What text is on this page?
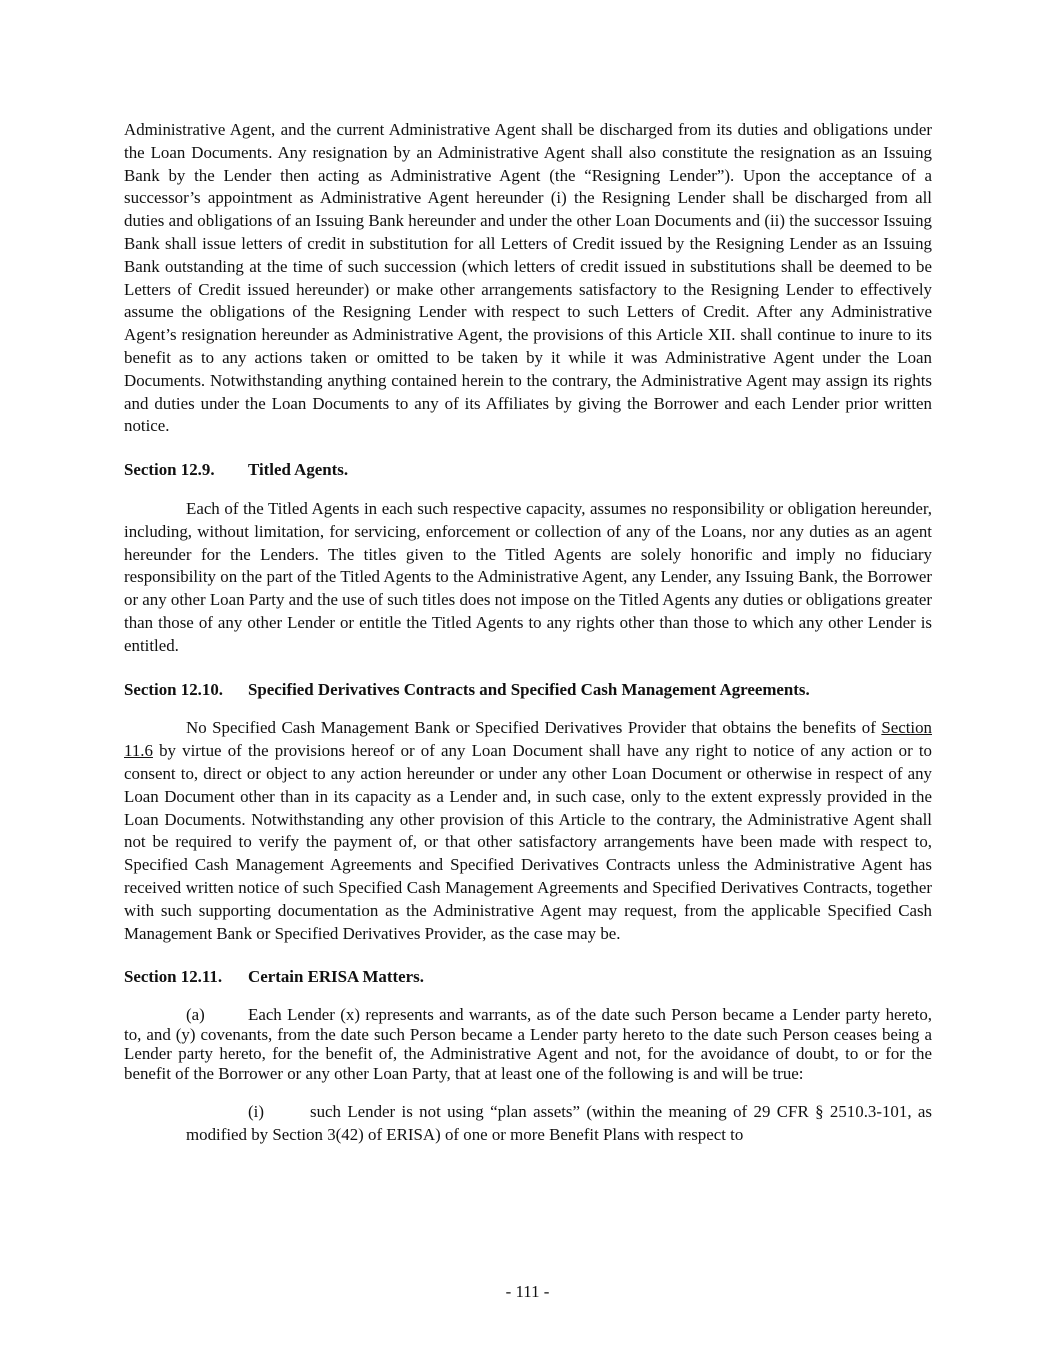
Administrative Agent, and the current Administrative Agent shall be discharged from its duties and obligations under the Loan Documents. Any resignation by an Administrative Agent shall also constitute the resignation as an Issuing Bank by the Lender then acting as Administrative Agent (the “Resigning Lender”). Upon the acceptance of a successor’s appointment as Administrative Agent hereunder (i) the Resigning Lender shall be discharged from all duties and obligations of an Issuing Bank hereunder and under the other Loan Documents and (ii) the successor Issuing Bank shall issue letters of credit in substitution for all Letters of Credit issued by the Resigning Lender as an Issuing Bank outstanding at the time of such succession (which letters of credit issued in substitutions shall be deemed to be Letters of Credit issued hereunder) or make other arrangements satisfactory to the Resigning Lender to effectively assume the obligations of the Resigning Lender with respect to such Letters of Credit. After any Administrative Agent’s resignation hereunder as Administrative Agent, the provisions of this Article XII. shall continue to inure to its benefit as to any actions taken or omitted to be taken by it while it was Administrative Agent under the Loan Documents. Notwithstanding anything contained herein to the contrary, the Administrative Agent may assign its rights and duties under the Loan Documents to any of its Affiliates by giving the Borrower and each Lender prior written notice.

Section 12.9. Titled Agents.

Each of the Titled Agents in each such respective capacity, assumes no responsibility or obligation hereunder, including, without limitation, for servicing, enforcement or collection of any of the Loans, nor any duties as an agent hereunder for the Lenders. The titles given to the Titled Agents are solely honorific and imply no fiduciary responsibility on the part of the Titled Agents to the Administrative Agent, any Lender, any Issuing Bank, the Borrower or any other Loan Party and the use of such titles does not impose on the Titled Agents any duties or obligations greater than those of any other Lender or entitle the Titled Agents to any rights other than those to which any other Lender is entitled.

Section 12.10. Specified Derivatives Contracts and Specified Cash Management Agreements.

No Specified Cash Management Bank or Specified Derivatives Provider that obtains the benefits of Section 11.6 by virtue of the provisions hereof or of any Loan Document shall have any right to notice of any action or to consent to, direct or object to any action hereunder or under any other Loan Document or otherwise in respect of any Loan Document other than in its capacity as a Lender and, in such case, only to the extent expressly provided in the Loan Documents. Notwithstanding any other provision of this Article to the contrary, the Administrative Agent shall not be required to verify the payment of, or that other satisfactory arrangements have been made with respect to, Specified Cash Management Agreements and Specified Derivatives Contracts unless the Administrative Agent has received written notice of such Specified Cash Management Agreements and Specified Derivatives Contracts, together with such supporting documentation as the Administrative Agent may request, from the applicable Specified Cash Management Bank or Specified Derivatives Provider, as the case may be.

Section 12.11. Certain ERISA Matters.

(a)	Each Lender (x) represents and warrants, as of the date such Person became a Lender party hereto, to, and (y) covenants, from the date such Person became a Lender party hereto to the date such Person ceases being a Lender party hereto, for the benefit of, the Administrative Agent and not, for the avoidance of doubt, to or for the benefit of the Borrower or any other Loan Party, that at least one of the following is and will be true:

(i)	such Lender is not using “plan assets” (within the meaning of 29 CFR § 2510.3-101, as modified by Section 3(42) of ERISA) of one or more Benefit Plans with respect to

- 111 -
